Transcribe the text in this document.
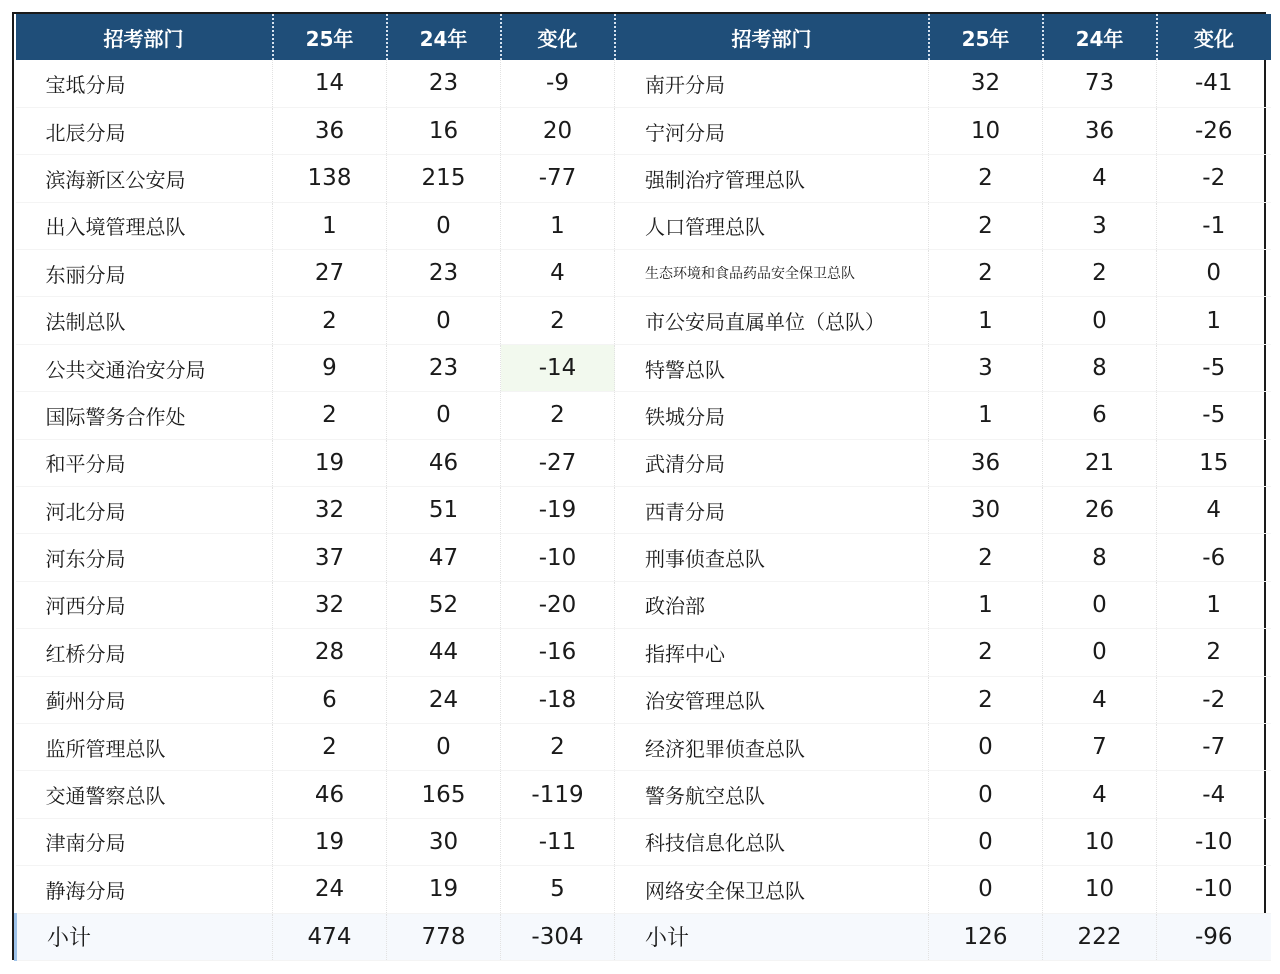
招考部门	25年	24年	变化	招考部门	25年	24年	变化
宝坻分局	14	23	-9	南开分局	32	73	-41
北辰分局	36	16	20	宁河分局	10	36	-26
滨海新区公安局	138	215	-77	强制治疗管理总队	2	4	-2
出入境管理总队	1	0	1	人口管理总队	2	3	-1
东丽分局	27	23	4	生态环境和食品药品安全保卫总队	2	2	0
法制总队	2	0	2	市公安局直属单位（总队）	1	0	1
公共交通治安分局	9	23	-14	特警总队	3	8	-5
国际警务合作处	2	0	2	铁城分局	1	6	-5
和平分局	19	46	-27	武清分局	36	21	15
河北分局	32	51	-19	西青分局	30	26	4
河东分局	37	47	-10	刑事侦查总队	2	8	-6
河西分局	32	52	-20	政治部	1	0	1
红桥分局	28	44	-16	指挥中心	2	0	2
蓟州分局	6	24	-18	治安管理总队	2	4	-2
监所管理总队	2	0	2	经济犯罪侦查总队	0	7	-7
交通警察总队	46	165	-119	警务航空总队	0	4	-4
津南分局	19	30	-11	科技信息化总队	0	10	-10
静海分局	24	19	5	网络安全保卫总队	0	10	-10
小计	474	778	-304	小计	126	222	-96
